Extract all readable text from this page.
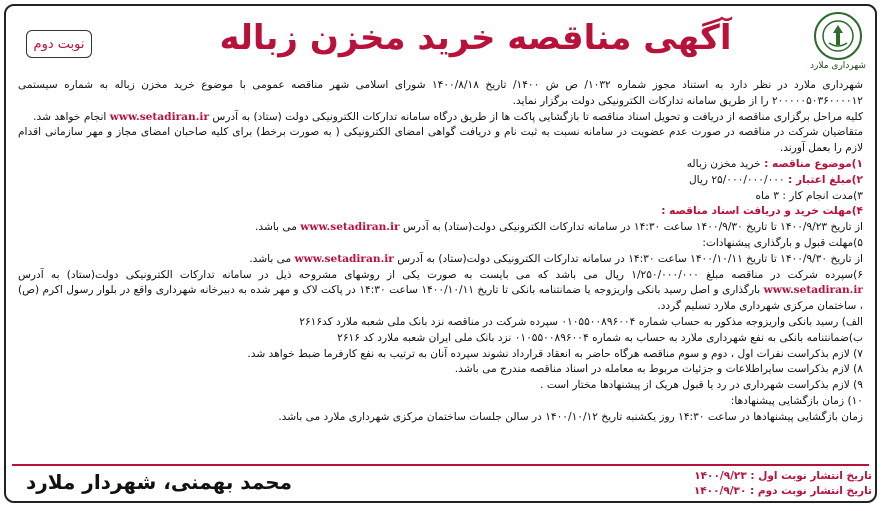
نوبت دوم	آگهی مناقصه خرید مخزن زباله
شهرداری ملارد

شهرداری ملارد در نظر دارد به استناد مجوز شماره ۱۰۳۲/ ص ش ۱۴۰۰/ تاریخ ۱۴۰۰/۸/۱۸ شورای اسلامی شهر مناقصه عمومی با موضوع خرید مخزن زباله به شماره سیستمی ۲۰۰۰۰۰۵۰۳۶۰۰۰۰۱۲ را از طریق سامانه تدارکات الکترونیکی دولت برگزار نماید.

کلیه مراحل برگزاری مناقصه از دریافت و تحویل اسناد مناقصه تا بازگشایی پاکت ها از طریق درگاه سامانه تدارکات الکترونیکی دولت (ستاد) به آدرس www.setadiran.ir انجام خواهد شد.

متقاضیان شرکت در مناقصه در صورت عدم عضویت در سامانه نسبت به ثبت نام و دریافت گواهی امضای الکترونیکی ( به صورت برخط) برای کلیه صاحبان امضای مجاز و مهر سازمانی اقدام لازم را بعمل آورند.

۱)موضوع مناقصه : خرید مخزن زباله

۲)مبلغ اعتبار : ۲۵/۰۰۰/۰۰۰/۰۰۰ ریال

۳)مدت انجام کار : ۳ ماه

۴)مهلت خرید و دریافت اسناد مناقصه :

از تاریخ ۱۴۰۰/۹/۲۳ تا تاریخ ۱۴۰۰/۹/۳۰ ساعت ۱۴:۳۰ در سامانه تدارکات الکترونیکی دولت(ستاد) به آدرس www.setadiran.ir می باشد.

۵)مهلت قبول و بارگذاری پیشنهادات:

از تاریخ ۱۴۰۰/۹/۳۰ تا تاریخ ۱۴۰۰/۱۰/۱۱ ساعت ۱۴:۳۰ در سامانه تدارکات الکترونیکی دولت(ستاد) به آدرس www.setadiran.ir می باشد.

۶)سپرده شرکت در مناقصه مبلغ ۱/۲۵۰/۰۰۰/۰۰۰ ریال می باشد که می بایست به صورت یکی از روشهای مشروحه ذیل در سامانه تدارکات الکترونیکی دولت(ستاد) به آدرس www.setadiran.ir بارگذاری و اصل رسید بانکی واریزوجه یا ضمانتنامه بانکی تا تاریخ ۱۴۰۰/۱۰/۱۱ ساعت ۱۴:۳۰ در پاکت لاک و مهر شده به دبیرخانه شهرداری واقع در بلوار رسول اکرم (ص) ، ساختمان مرکزی شهرداری ملارد تسلیم گردد.

الف) رسید بانکی واریزوجه مذکور به حساب شماره ۰۱۰۵۵۰۰۸۹۶۰۰۴ سپرده شرکت در مناقصه نزد بانک ملی شعبه ملارد کد۲۶۱۶

ب)ضمانتنامه بانکی به نفع شهرداری ملارد به حساب به شماره ۰۱۰۵۵۰۰۸۹۶۰۰۴ نزد بانک ملی ایران شعبه ملارد کد ۲۶۱۶

۷) لازم بذکراست نفرات اول ، دوم و سوم مناقصه هرگاه حاضر به انعقاد قرارداد نشوند سپرده آنان به ترتیب به نفع کارفرما ضبط خواهد شد.

۸) لازم بذکراست سایراطلاعات و جزئیات مربوط به معامله در اسناد مناقصه مندرج می باشد.

۹) لازم بذکراست شهرداری در رد یا قبول هریک از پیشنهادها مختار است .

۱۰) زمان بازگشایی پیشنهادها:

زمان بازگشایی پیشنهادها در ساعت ۱۴:۳۰ روز یکشنبه تاریخ ۱۴۰۰/۱۰/۱۲ در سالن جلسات ساختمان مرکزی شهرداری ملارد می باشد.

تاریخ انتشار نوبت اول : ۱۴۰۰/۹/۲۳
تاریخ انتشار نوبت دوم : ۱۴۰۰/۹/۳۰
محمد بهمنی، شهردار ملارد
